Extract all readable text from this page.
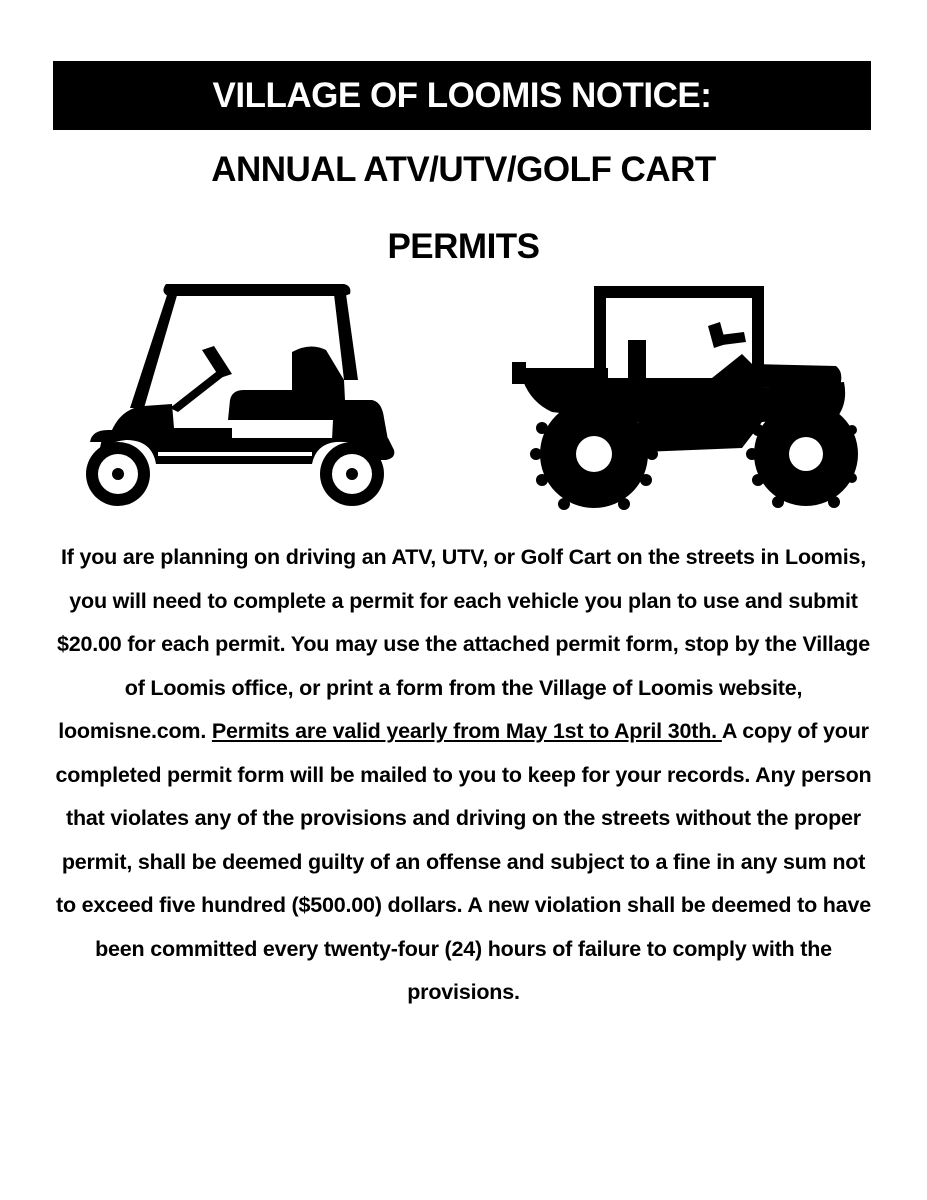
VILLAGE OF LOOMIS NOTICE:
ANNUAL ATV/UTV/GOLF CART
PERMITS
If you are planning on driving an ATV, UTV, or Golf Cart on the streets in Loomis, you will need to complete a permit for each vehicle you plan to use and submit $20.00 for each permit. You may use the attached permit form, stop by the Village of Loomis office, or print a form from the Village of Loomis website, loomisne.com. Permits are valid yearly from May 1st to April 30th. A copy of your completed permit form will be mailed to you to keep for your records. Any person that violates any of the provisions and driving on the streets without the proper permit, shall be deemed guilty of an offense and subject to a fine in any sum not to exceed five hundred ($500.00) dollars. A new violation shall be deemed to have been committed every twenty-four (24) hours of failure to comply with the provisions.
